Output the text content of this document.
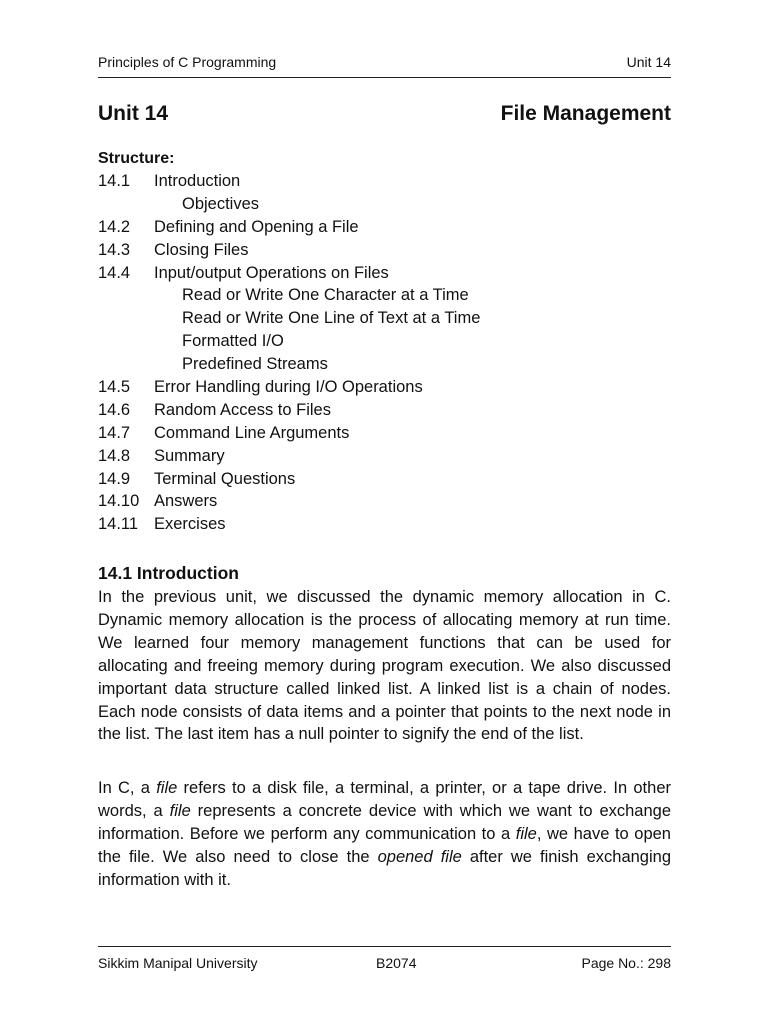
Principles of C Programming	Unit 14
Unit 14	File Management
Structure:
14.1 Introduction
Objectives
14.2 Defining and Opening a File
14.3 Closing Files
14.4 Input/output Operations on Files
Read or Write One Character at a Time
Read or Write One Line of Text at a Time
Formatted I/O
Predefined Streams
14.5 Error Handling during I/O Operations
14.6 Random Access to Files
14.7 Command Line Arguments
14.8 Summary
14.9 Terminal Questions
14.10 Answers
14.11 Exercises
14.1 Introduction

In the previous unit, we discussed the dynamic memory allocation in C. Dynamic memory allocation is the process of allocating memory at run time. We learned four memory management functions that can be used for allocating and freeing memory during program execution. We also discussed important data structure called linked list. A linked list is a chain of nodes. Each node consists of data items and a pointer that points to the next node in the list. The last item has a null pointer to signify the end of the list.

In C, a file refers to a disk file, a terminal, a printer, or a tape drive. In other words, a file represents a concrete device with which we want to exchange information. Before we perform any communication to a file, we have to open the file. We also need to close the opened file after we finish exchanging information with it.

Sikkim Manipal University	B2074	Page No.: 298
